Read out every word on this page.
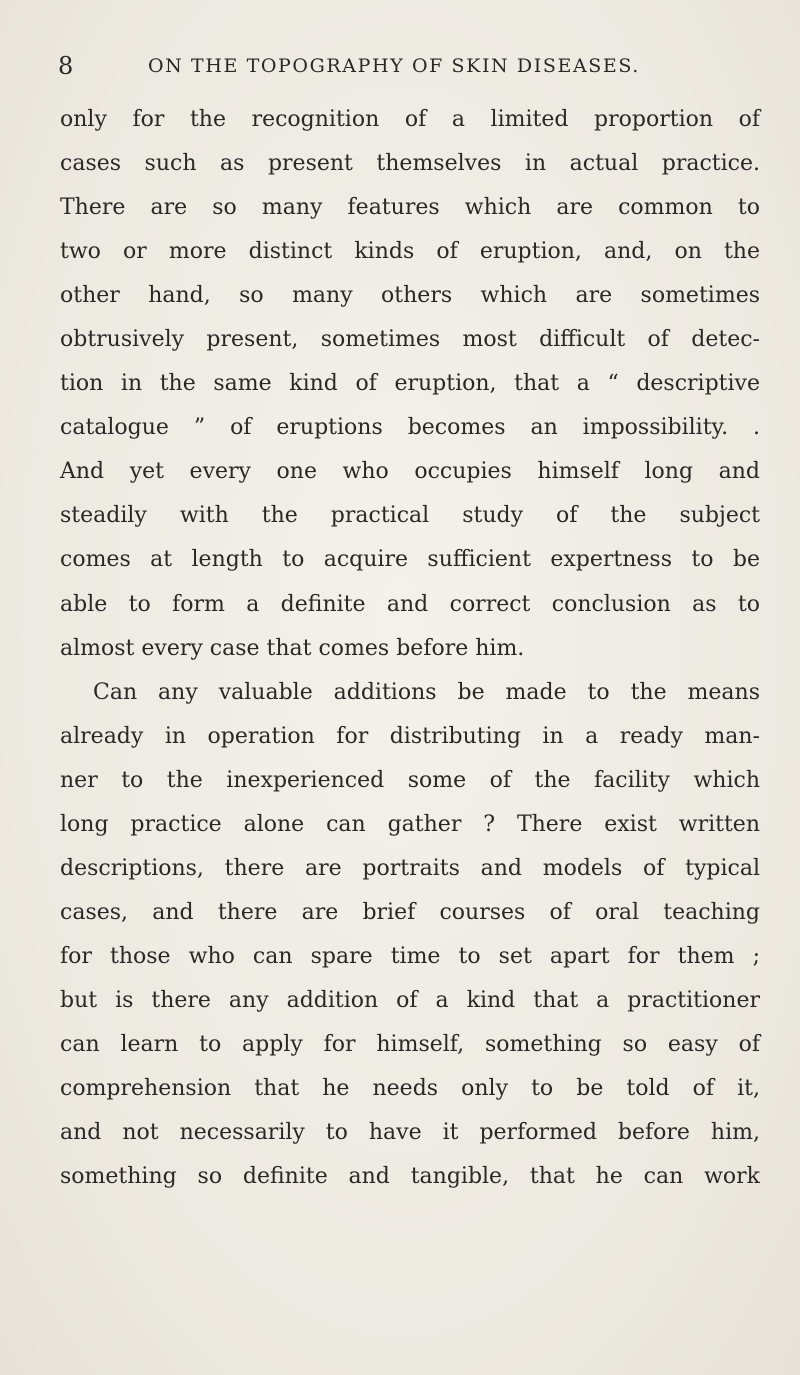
8	ON THE TOPOGRAPHY OF SKIN DISEASES.
only for the recognition of a limited proportion of
cases such as present themselves in actual practice.
There are so many features which are common to
two or more distinct kinds of eruption, and, on the
other hand, so many others which are sometimes
obtrusively present, sometimes most difficult of detec-
tion in the same kind of eruption, that a “ descriptive
catalogue ” of eruptions becomes an impossibility. .
And yet every one who occupies himself long and
steadily with the practical study of the subject
comes at length to acquire sufficient expertness to be
able to form a definite and correct conclusion as to
almost every case that comes before him.
Can any valuable additions be made to the means
already in operation for distributing in a ready man-
ner to the inexperienced some of the facility which
long practice alone can gather ? There exist written
descriptions, there are portraits and models of typical
cases, and there are brief courses of oral teaching
for those who can spare time to set apart for them ;
but is there any addition of a kind that a practitioner
can learn to apply for himself, something so easy of
comprehension that he needs only to be told of it,
and not necessarily to have it performed before him,
something so definite and tangible, that he can work
